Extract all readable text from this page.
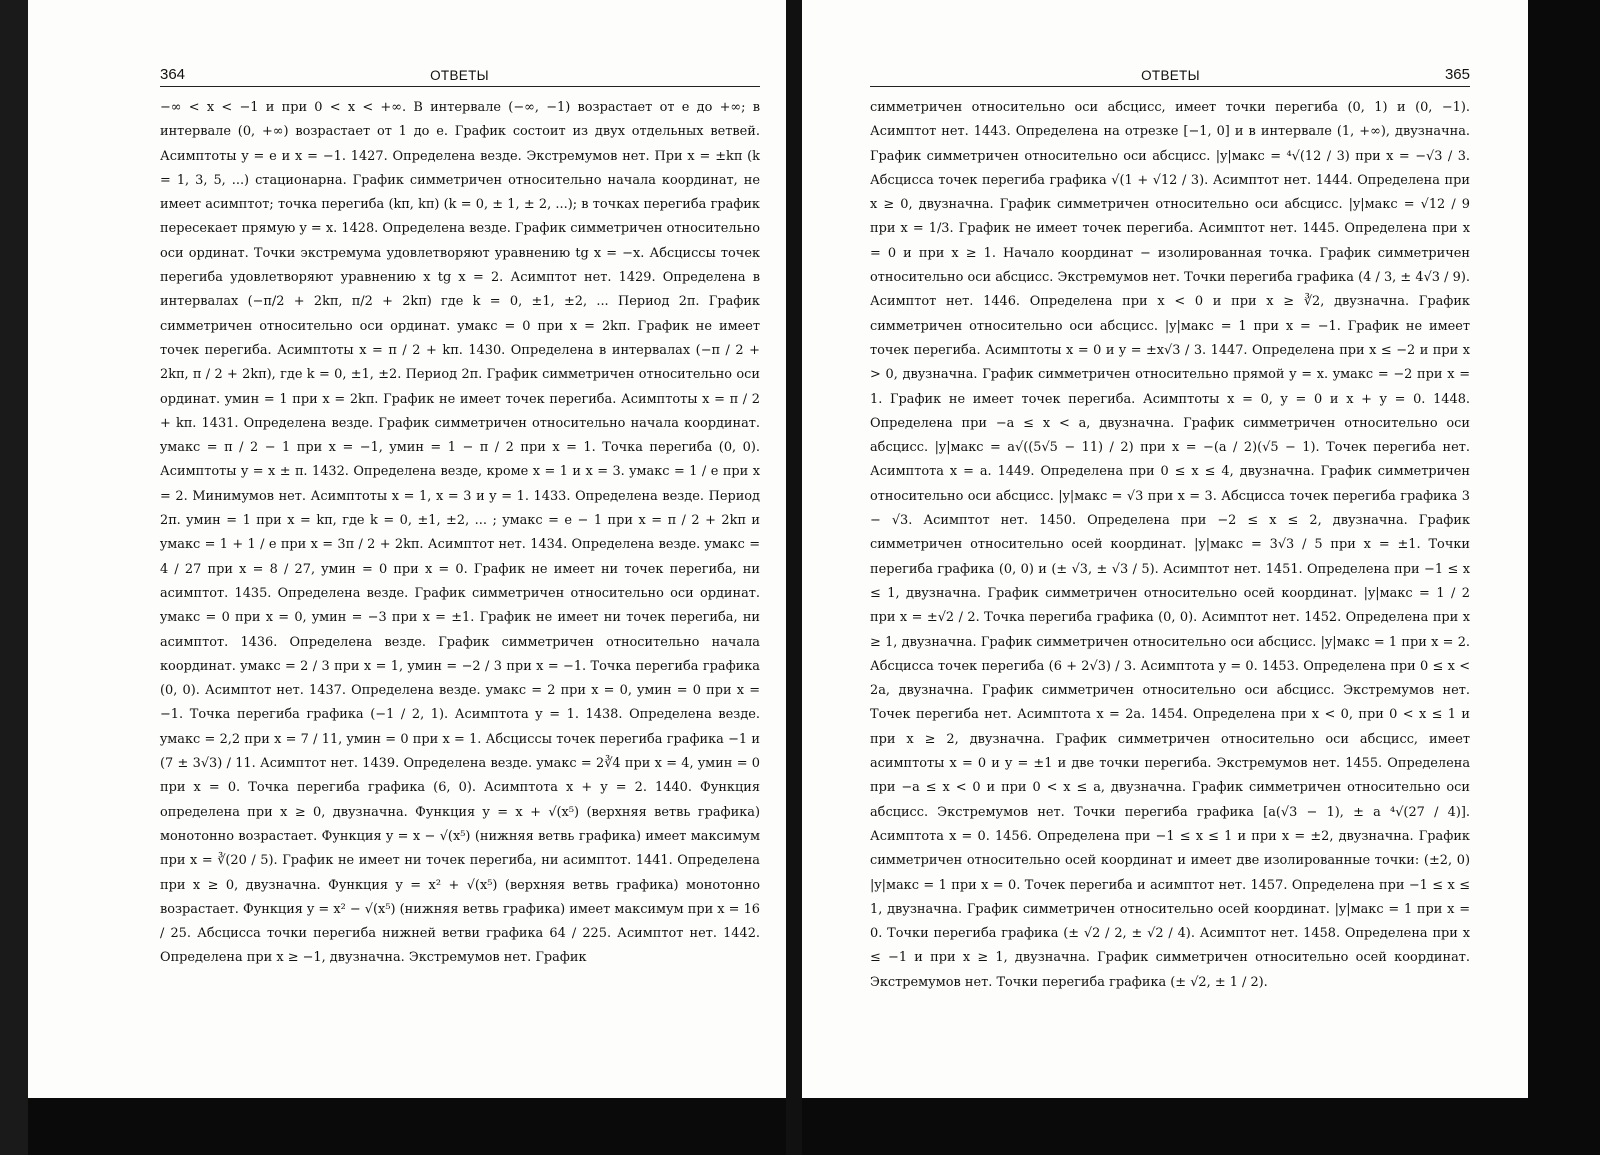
364	ОТВЕТЫ

−∞ < x < −1 и при 0 < x < +∞. В интервале (−∞, −1) возрастает от e до +∞; в интервале (0, +∞) возрастает от 1 до e. График состоит из двух отдельных ветвей. Асимптоты y = e и x = −1. 1427. Определена везде. Экстремумов нет. При x = ±kπ (k = 1, 3, 5, ...) стационарна. График симметричен относительно начала координат, не имеет асимптот; точка перегиба (kπ, kπ) (k = 0, ± 1, ± 2, ...); в точках перегиба график пересекает прямую y = x. 1428. Определена везде. График симметричен относительно оси ординат. Точки экстремума удовлетворяют уравнению tg x = −x. Абсциссы точек перегиба удовлетворяют уравнению x tg x = 2. Асимптот нет. 1429. Определена в интервалах (−π/2 + 2kπ, π/2 + 2kπ) где k = 0, ±1, ±2, ... Период 2π. График симметричен относительно оси ординат. yмакс = 0 при x = 2kπ. График не имеет точек перегиба. Асимптоты x = π / 2 + kπ. 1430. Определена в интервалах (−π / 2 + 2kπ, π / 2 + 2kπ), где k = 0, ±1, ±2. Период 2π. График симметричен относительно оси ординат. yмин = 1 при x = 2kπ. График не имеет точек перегиба. Асимптоты x = π / 2 + kπ. 1431. Определена везде. График симметричен относительно начала координат. yмакс = π / 2 − 1 при x = −1, yмин = 1 − π / 2 при x = 1. Точка перегиба (0, 0). Асимптоты y = x ± π. 1432. Определена везде, кроме x = 1 и x = 3. yмакс = 1 / e при x = 2. Минимумов нет. Асимптоты x = 1, x = 3 и y = 1. 1433. Определена везде. Период 2π. yмин = 1 при x = kπ, где k = 0, ±1, ±2, ... ; yмакс = e − 1 при x = π / 2 + 2kπ и yмакс = 1 + 1 / e при x = 3π / 2 + 2kπ. Асимптот нет. 1434. Определена везде. yмакс = 4 / 27 при x = 8 / 27, yмин = 0 при x = 0. График не имеет ни точек перегиба, ни асимптот. 1435. Определена везде. График симметричен относительно оси ординат. yмакс = 0 при x = 0, yмин = −3 при x = ±1. График не имеет ни точек перегиба, ни асимптот. 1436. Определена везде. График симметричен относительно начала координат. yмакс = 2 / 3 при x = 1, yмин = −2 / 3 при x = −1. Точка перегиба графика (0, 0). Асимптот нет. 1437. Определена везде. yмакс = 2 при x = 0, yмин = 0 при x = −1. Точка перегиба графика (−1 / 2, 1). Асимптота y = 1. 1438. Определена везде. yмакс = 2,2 при x = 7 / 11, yмин = 0 при x = 1. Абсциссы точек перегиба графика −1 и (7 ± 3√3) / 11. Асимптот нет. 1439. Определена везде. yмакс = 2∛4 при x = 4, yмин = 0 при x = 0. Точка перегиба графика (6, 0). Асимптота x + y = 2. 1440. Функция определена при x ≥ 0, двузначна. Функция y = x + √(x⁵) (верхняя ветвь графика) монотонно возрастает. Функция y = x − √(x⁵) (нижняя ветвь графика) имеет максимум при x = ∛(20 / 5). График не имеет ни точек перегиба, ни асимптот. 1441. Определена при x ≥ 0, двузначна. Функция y = x² + √(x⁵) (верхняя ветвь графика) монотонно возрастает. Функция y = x² − √(x⁵) (нижняя ветвь графика) имеет максимум при x = 16 / 25. Абсцисса точки перегиба нижней ветви графика 64 / 225. Асимптот нет. 1442. Определена при x ≥ −1, двузначна. Экстремумов нет. График

ОТВЕТЫ	365

симметричен относительно оси абсцисс, имеет точки перегиба (0, 1) и (0, −1). Асимптот нет. 1443. Определена на отрезке [−1, 0] и в интервале (1, +∞), двузначна. График симметричен относительно оси абсцисс. |y|макс = ⁴√(12 / 3) при x = −√3 / 3. Абсцисса точек перегиба графика √(1 + √12 / 3). Асимптот нет. 1444. Определена при x ≥ 0, двузначна. График симметричен относительно оси абсцисс. |y|макс = √12 / 9 при x = 1/3. График не имеет точек перегиба. Асимптот нет. 1445. Определена при x = 0 и при x ≥ 1. Начало координат − изолированная точка. График симметричен относительно оси абсцисс. Экстремумов нет. Точки перегиба графика (4 / 3, ± 4√3 / 9). Асимптот нет. 1446. Определена при x < 0 и при x ≥ ∛2, двузначна. График симметричен относительно оси абсцисс. |y|макс = 1 при x = −1. График не имеет точек перегиба. Асимптоты x = 0 и y = ±x√3 / 3. 1447. Определена при x ≤ −2 и при x > 0, двузначна. График симметричен относительно прямой y = x. yмакс = −2 при x = 1. График не имеет точек перегиба. Асимптоты x = 0, y = 0 и x + y = 0. 1448. Определена при −a ≤ x < a, двузначна. График симметричен относительно оси абсцисс. |y|макс = a√((5√5 − 11) / 2) при x = −(a / 2)(√5 − 1). Точек перегиба нет. Асимптота x = a. 1449. Определена при 0 ≤ x ≤ 4, двузначна. График симметричен относительно оси абсцисс. |y|макс = √3 при x = 3. Абсцисса точек перегиба графика 3 − √3. Асимптот нет. 1450. Определена при −2 ≤ x ≤ 2, двузначна. График симметричен относительно осей координат. |y|макс = 3√3 / 5 при x = ±1. Точки перегиба графика (0, 0) и (± √3, ± √3 / 5). Асимптот нет. 1451. Определена при −1 ≤ x ≤ 1, двузначна. График симметричен относительно осей координат. |y|макс = 1 / 2 при x = ±√2 / 2. Точка перегиба графика (0, 0). Асимптот нет. 1452. Определена при x ≥ 1, двузначна. График симметричен относительно оси абсцисс. |y|макс = 1 при x = 2. Абсцисса точек перегиба (6 + 2√3) / 3. Асимптота y = 0. 1453. Определена при 0 ≤ x < 2a, двузначна. График симметричен относительно оси абсцисс. Экстремумов нет. Точек перегиба нет. Асимптота x = 2a. 1454. Определена при x < 0, при 0 < x ≤ 1 и при x ≥ 2, двузначна. График симметричен относительно оси абсцисс, имеет асимптоты x = 0 и y = ±1 и две точки перегиба. Экстремумов нет. 1455. Определена при −a ≤ x < 0 и при 0 < x ≤ a, двузначна. График симметричен относительно оси абсцисс. Экстремумов нет. Точки перегиба графика [a(√3 − 1), ± a ⁴√(27 / 4)]. Асимптота x = 0. 1456. Определена при −1 ≤ x ≤ 1 и при x = ±2, двузначна. График симметричен относительно осей координат и имеет две изолированные точки: (±2, 0) |y|макс = 1 при x = 0. Точек перегиба и асимптот нет. 1457. Определена при −1 ≤ x ≤ 1, двузначна. График симметричен относительно осей координат. |y|макс = 1 при x = 0. Точки перегиба графика (± √2 / 2, ± √2 / 4). Асимптот нет. 1458. Определена при x ≤ −1 и при x ≥ 1, двузначна. График симметричен относительно осей координат. Экстремумов нет. Точки перегиба графика (± √2, ± 1 / 2).
